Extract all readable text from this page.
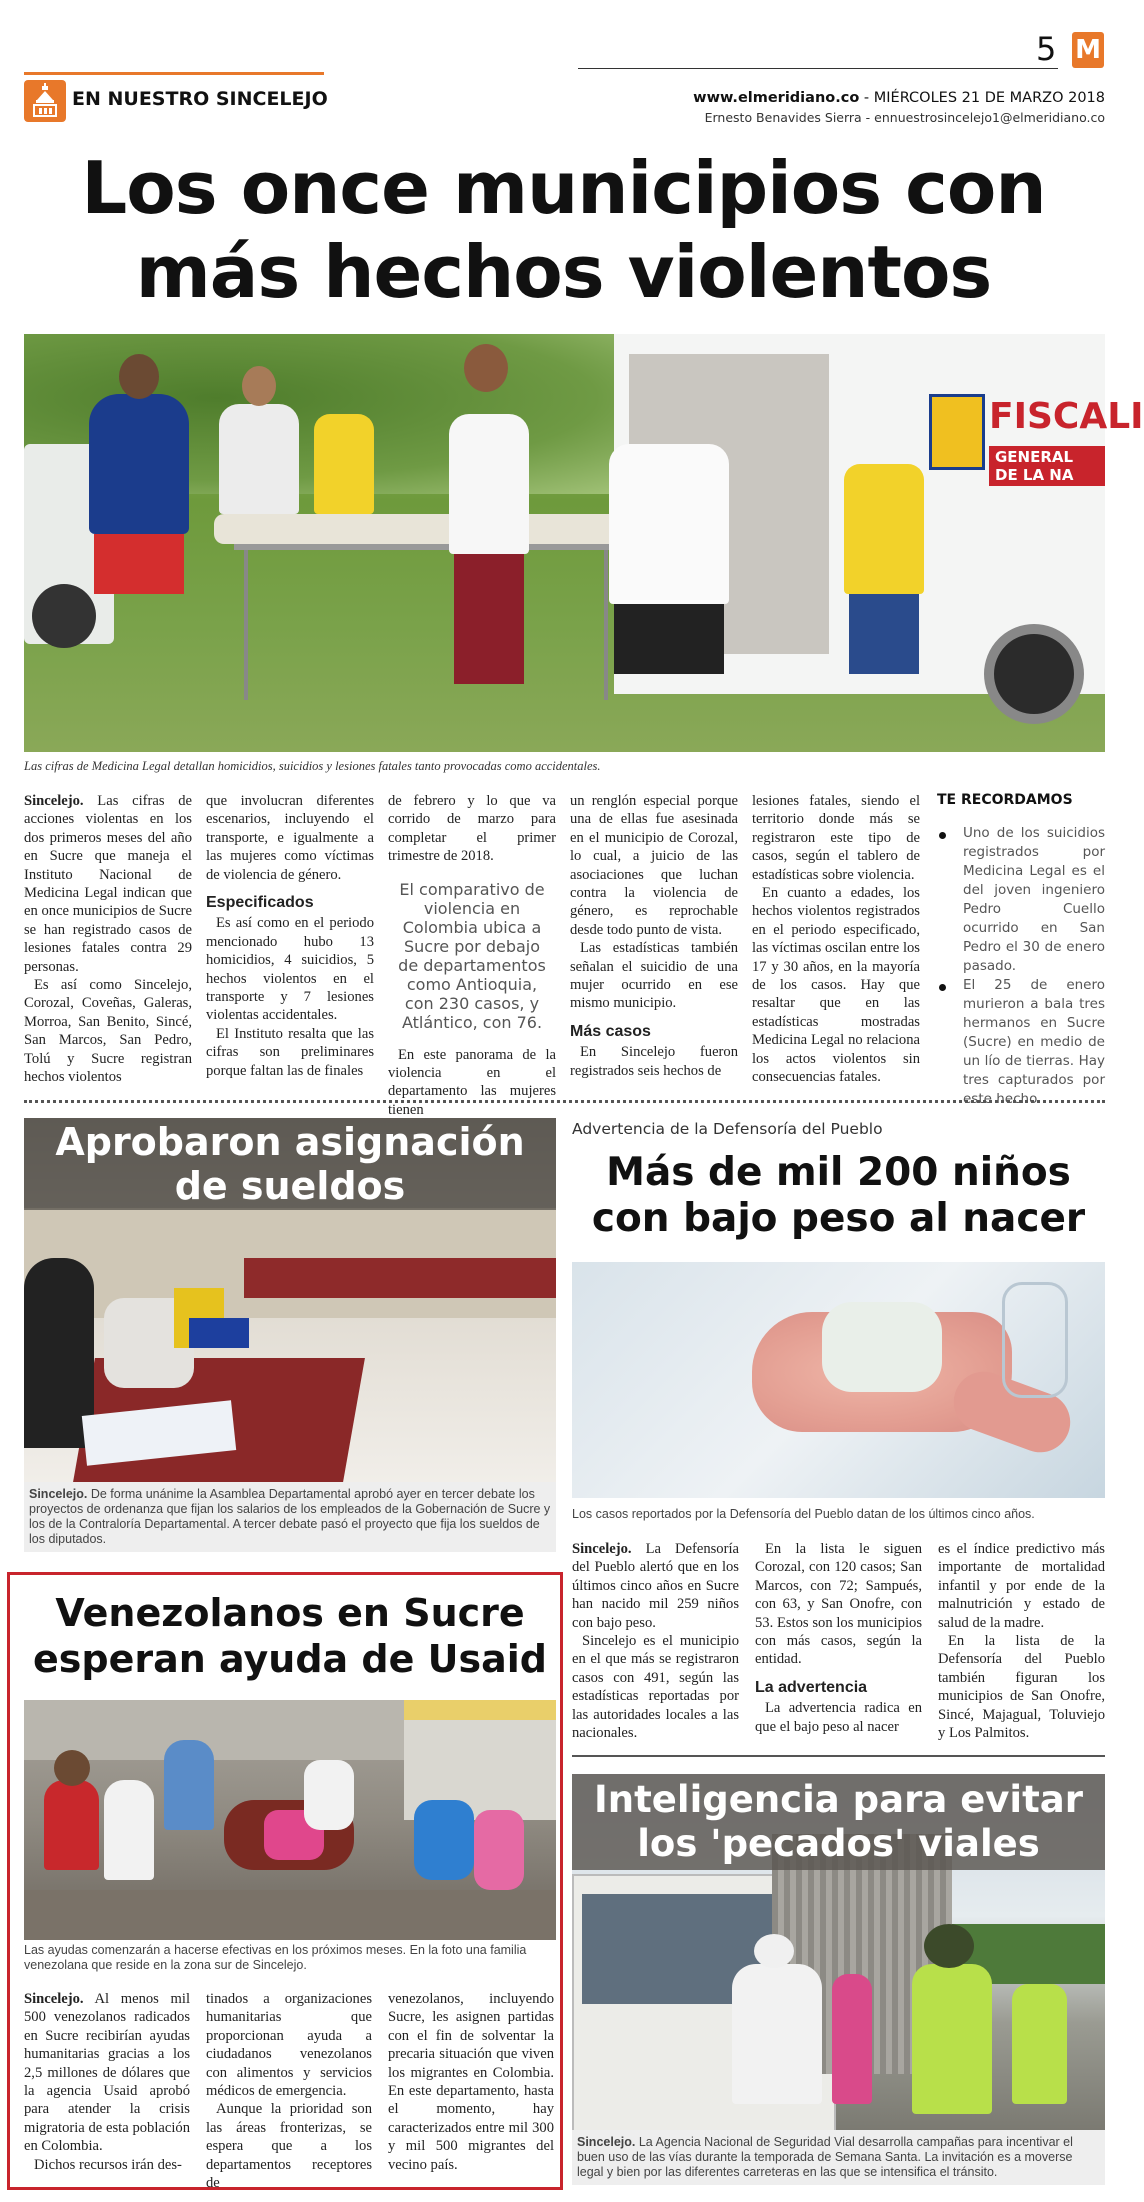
5 M
EN NUESTRO SINCELEJO	www.elmeridiano.co - MIÉRCOLES 21 DE MARZO 2018
Ernesto Benavides Sierra - ennuestrosincelejo1@elmeridiano.co
Los once municipios con
más hechos violentos
FISCALI
GENERAL DE LA NA
Las cifras de Medicina Legal detallan homicidios, suicidios y lesiones fatales tanto provocadas como accidentales.

Sincelejo. Las cifras de acciones violentas en los dos primeros meses del año en Sucre que maneja el Instituto Nacional de Medicina Legal indican que en once municipios de Sucre se han registrado casos de lesiones fatales contra 29 personas.

Es así como Sincelejo, Corozal, Coveñas, Galeras, Morroa, San Benito, Sincé, San Marcos, San Pedro, Tolú y Sucre registran hechos violentos

que involucran diferentes escenarios, incluyendo el transporte, e igualmente a las mujeres como víctimas de violencia de género.

Especificados

Es así como en el periodo mencionado hubo 13 homicidios, 4 suicidios, 5 hechos violentos en el transporte y 7 lesiones violentas accidentales.

El Instituto resalta que las cifras son preliminares porque faltan las de finales

de febrero y lo que va corrido de marzo para completar el primer trimestre de 2018.

El comparativo de violencia en Colombia ubica a Sucre por debajo de departamentos como Antioquia, con 230 casos, y Atlántico, con 76.

En este panorama de la violencia en el departamento las mujeres tienen

un renglón especial porque una de ellas fue asesinada en el municipio de Corozal, lo cual, a juicio de las asociaciones que luchan contra la violencia de género, es reprochable desde todo punto de vista.

Las estadísticas también señalan el suicidio de una mujer ocurrido en ese mismo municipio.

Más casos

En Sincelejo fueron registrados seis hechos de

lesiones fatales, siendo el territorio donde más se registraron este tipo de casos, según el tablero de estadísticas sobre violencia.

En cuanto a edades, los hechos violentos registrados en el periodo especificado, las víctimas oscilan entre los 17 y 30 años, en la mayoría de los casos. Hay que resaltar que en las estadísticas mostradas Medicina Legal no relaciona los actos violentos sin consecuencias fatales.

TE RECORDAMOS
Uno de los suicidios registrados por Medicina Legal es el del joven ingeniero Pedro Cuello ocurrido en San Pedro el 30 de enero pasado.
El 25 de enero murieron a bala tres hermanos en Sucre (Sucre) en medio de un lío de tierras. Hay tres capturados por este hecho.
Aprobaron asignación
de sueldos
Sincelejo. De forma unánime la Asamblea Departamental aprobó ayer en tercer debate los proyectos de ordenanza que fijan los salarios de los empleados de la Gobernación de Sucre y los de la Contraloría Departamental. A tercer debate pasó el proyecto que fija los sueldos de los diputados.
Advertencia de la Defensoría del Pueblo
Más de mil 200 niños
con bajo peso al nacer
Los casos reportados por la Defensoría del Pueblo datan de los últimos cinco años.

Sincelejo. La Defensoría del Pueblo alertó que en los últimos cinco años en Sucre han nacido mil 259 niños con bajo peso.

Sincelejo es el municipio en el que más se registraron casos con 491, según las estadísticas reportadas por las autoridades locales a las nacionales.

En la lista le siguen Corozal, con 120 casos; San Marcos, con 72; Sampués, con 63, y San Onofre, con 53. Estos son los municipios con más casos, según la entidad.

La advertencia

La advertencia radica en que el bajo peso al nacer

es el índice predictivo más importante de mortalidad infantil y por ende de la malnutrición y estado de salud de la madre.

En la lista de la Defensoría del Pueblo también figuran los municipios de San Onofre, Sincé, Majagual, Toluviejo y Los Palmitos.

Venezolanos en Sucre
esperan ayuda de Usaid
Las ayudas comenzarán a hacerse efectivas en los próximos meses. En la foto una familia venezolana que reside en la zona sur de Sincelejo.

Sincelejo. Al menos mil 500 venezolanos radicados en Sucre recibirían ayudas humanitarias gracias a los 2,5 millones de dólares que la agencia Usaid aprobó para atender la crisis migratoria de esta población en Colombia.

Dichos recursos irán des-

tinados a organizaciones humanitarias que proporcionan ayuda a ciudadanos venezolanos con alimentos y servicios médicos de emergencia.

Aunque la prioridad son las áreas fronterizas, se espera que a los departamentos receptores de

venezolanos, incluyendo Sucre, les asignen partidas con el fin de solventar la precaria situación que viven los migrantes en Colombia. En este departamento, hasta el momento, hay caracterizados entre mil 300 y mil 500 migrantes del vecino país.

Inteligencia para evitar
los 'pecados' viales
Sincelejo. La Agencia Nacional de Seguridad Vial desarrolla campañas para incentivar el buen uso de las vías durante la temporada de Semana Santa. La invitación es a moverse legal y bien por las diferentes carreteras en las que se intensifica el tránsito.
